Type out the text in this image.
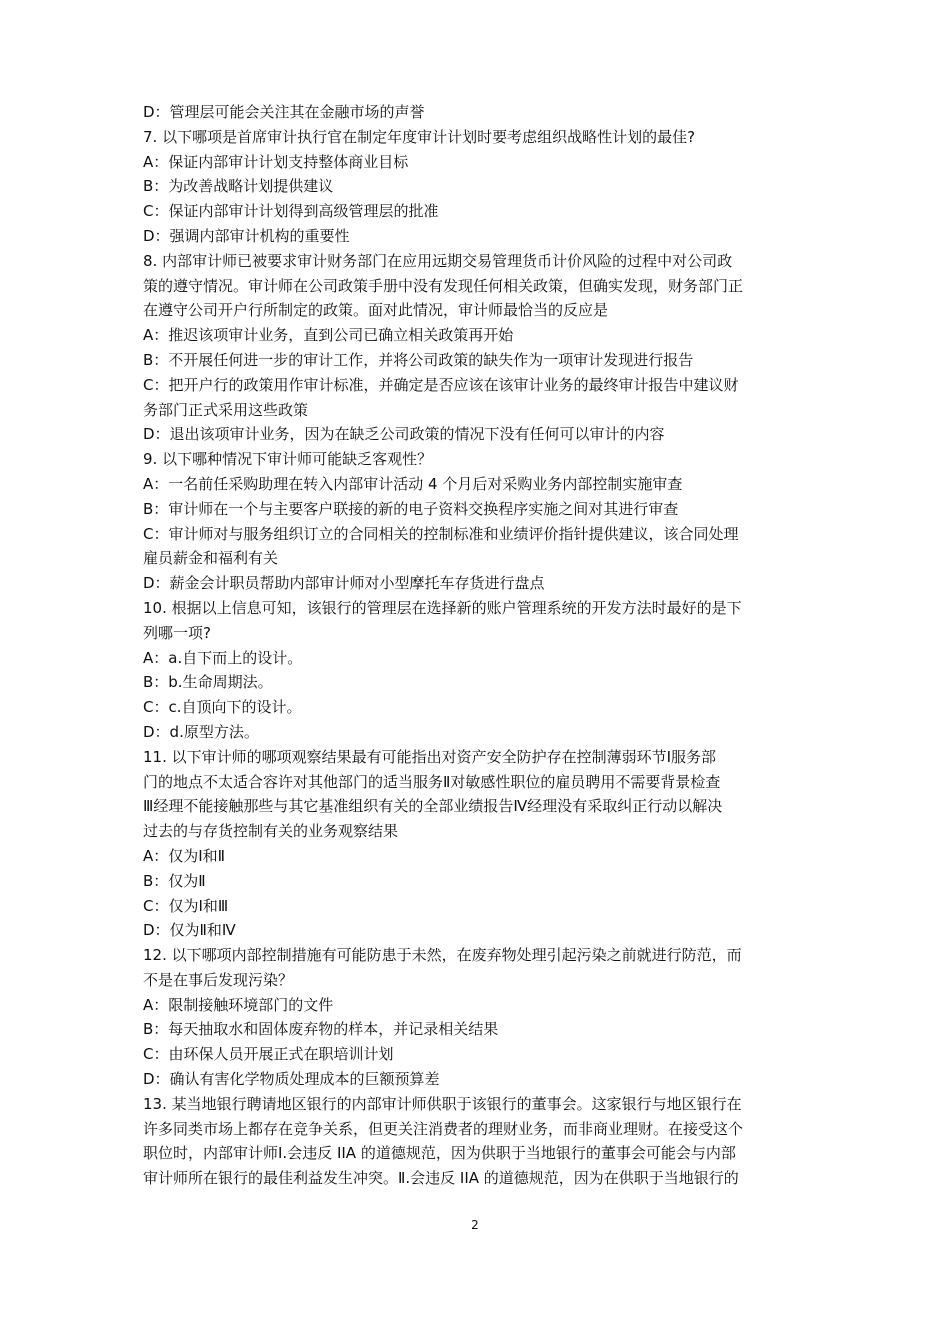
D：管理层可能会关注其在金融市场的声誉

7. 以下哪项是首席审计执行官在制定年度审计计划时要考虑组织战略性计划的最佳?

A：保证内部审计计划支持整体商业目标

B：为改善战略计划提供建议

C：保证内部审计计划得到高级管理层的批准

D：强调内部审计机构的重要性

8. 内部审计师已被要求审计财务部门在应用远期交易管理货币计价风险的过程中对公司政

策的遵守情况。审计师在公司政策手册中没有发现任何相关政策，但确实发现，财务部门正

在遵守公司开户行所制定的政策。面对此情况，审计师最恰当的反应是

A：推迟该项审计业务，直到公司已确立相关政策再开始

B：不开展任何进一步的审计工作，并将公司政策的缺失作为一项审计发现进行报告

C：把开户行的政策用作审计标准，并确定是否应该在该审计业务的最终审计报告中建议财

务部门正式采用这些政策

D：退出该项审计业务，因为在缺乏公司政策的情况下没有任何可以审计的内容

9. 以下哪种情况下审计师可能缺乏客观性？

A：一名前任采购助理在转入内部审计活动 4 个月后对采购业务内部控制实施审查

B：审计师在一个与主要客户联接的新的电子资料交换程序实施之间对其进行审查

C：审计师对与服务组织订立的合同相关的控制标准和业绩评价指针提供建议，该合同处理

雇员薪金和福利有关

D：薪金会计职员帮助内部审计师对小型摩托车存货进行盘点

10. 根据以上信息可知，该银行的管理层在选择新的账户管理系统的开发方法时最好的是下

列哪一项?

A：a.自下而上的设计。

B：b.生命周期法。

C：c.自顶向下的设计。

D：d.原型方法。

11. 以下审计师的哪项观察结果最有可能指出对资产安全防护存在控制薄弱环节Ⅰ服务部

门的地点不太适合容许对其他部门的适当服务Ⅱ对敏感性职位的雇员聘用不需要背景检查

Ⅲ经理不能接触那些与其它基准组织有关的全部业绩报告Ⅳ经理没有采取纠正行动以解决

过去的与存货控制有关的业务观察结果

A：仅为Ⅰ和Ⅱ

B：仅为Ⅱ

C：仅为Ⅰ和Ⅲ

D：仅为Ⅱ和Ⅳ

12. 以下哪项内部控制措施有可能防患于未然，在废弃物处理引起污染之前就进行防范，而

不是在事后发现污染？

A：限制接触环境部门的文件

B：每天抽取水和固体废弃物的样本，并记录相关结果

C：由环保人员开展正式在职培训计划

D：确认有害化学物质处理成本的巨额预算差

13. 某当地银行聘请地区银行的内部审计师供职于该银行的董事会。这家银行与地区银行在

许多同类市场上都存在竞争关系，但更关注消费者的理财业务，而非商业理财。在接受这个

职位时，内部审计师Ⅰ.会违反 IIA 的道德规范，因为供职于当地银行的董事会可能会与内部

审计师所在银行的最佳利益发生冲突。Ⅱ.会违反 IIA 的道德规范，因为在供职于当地银行的

2
